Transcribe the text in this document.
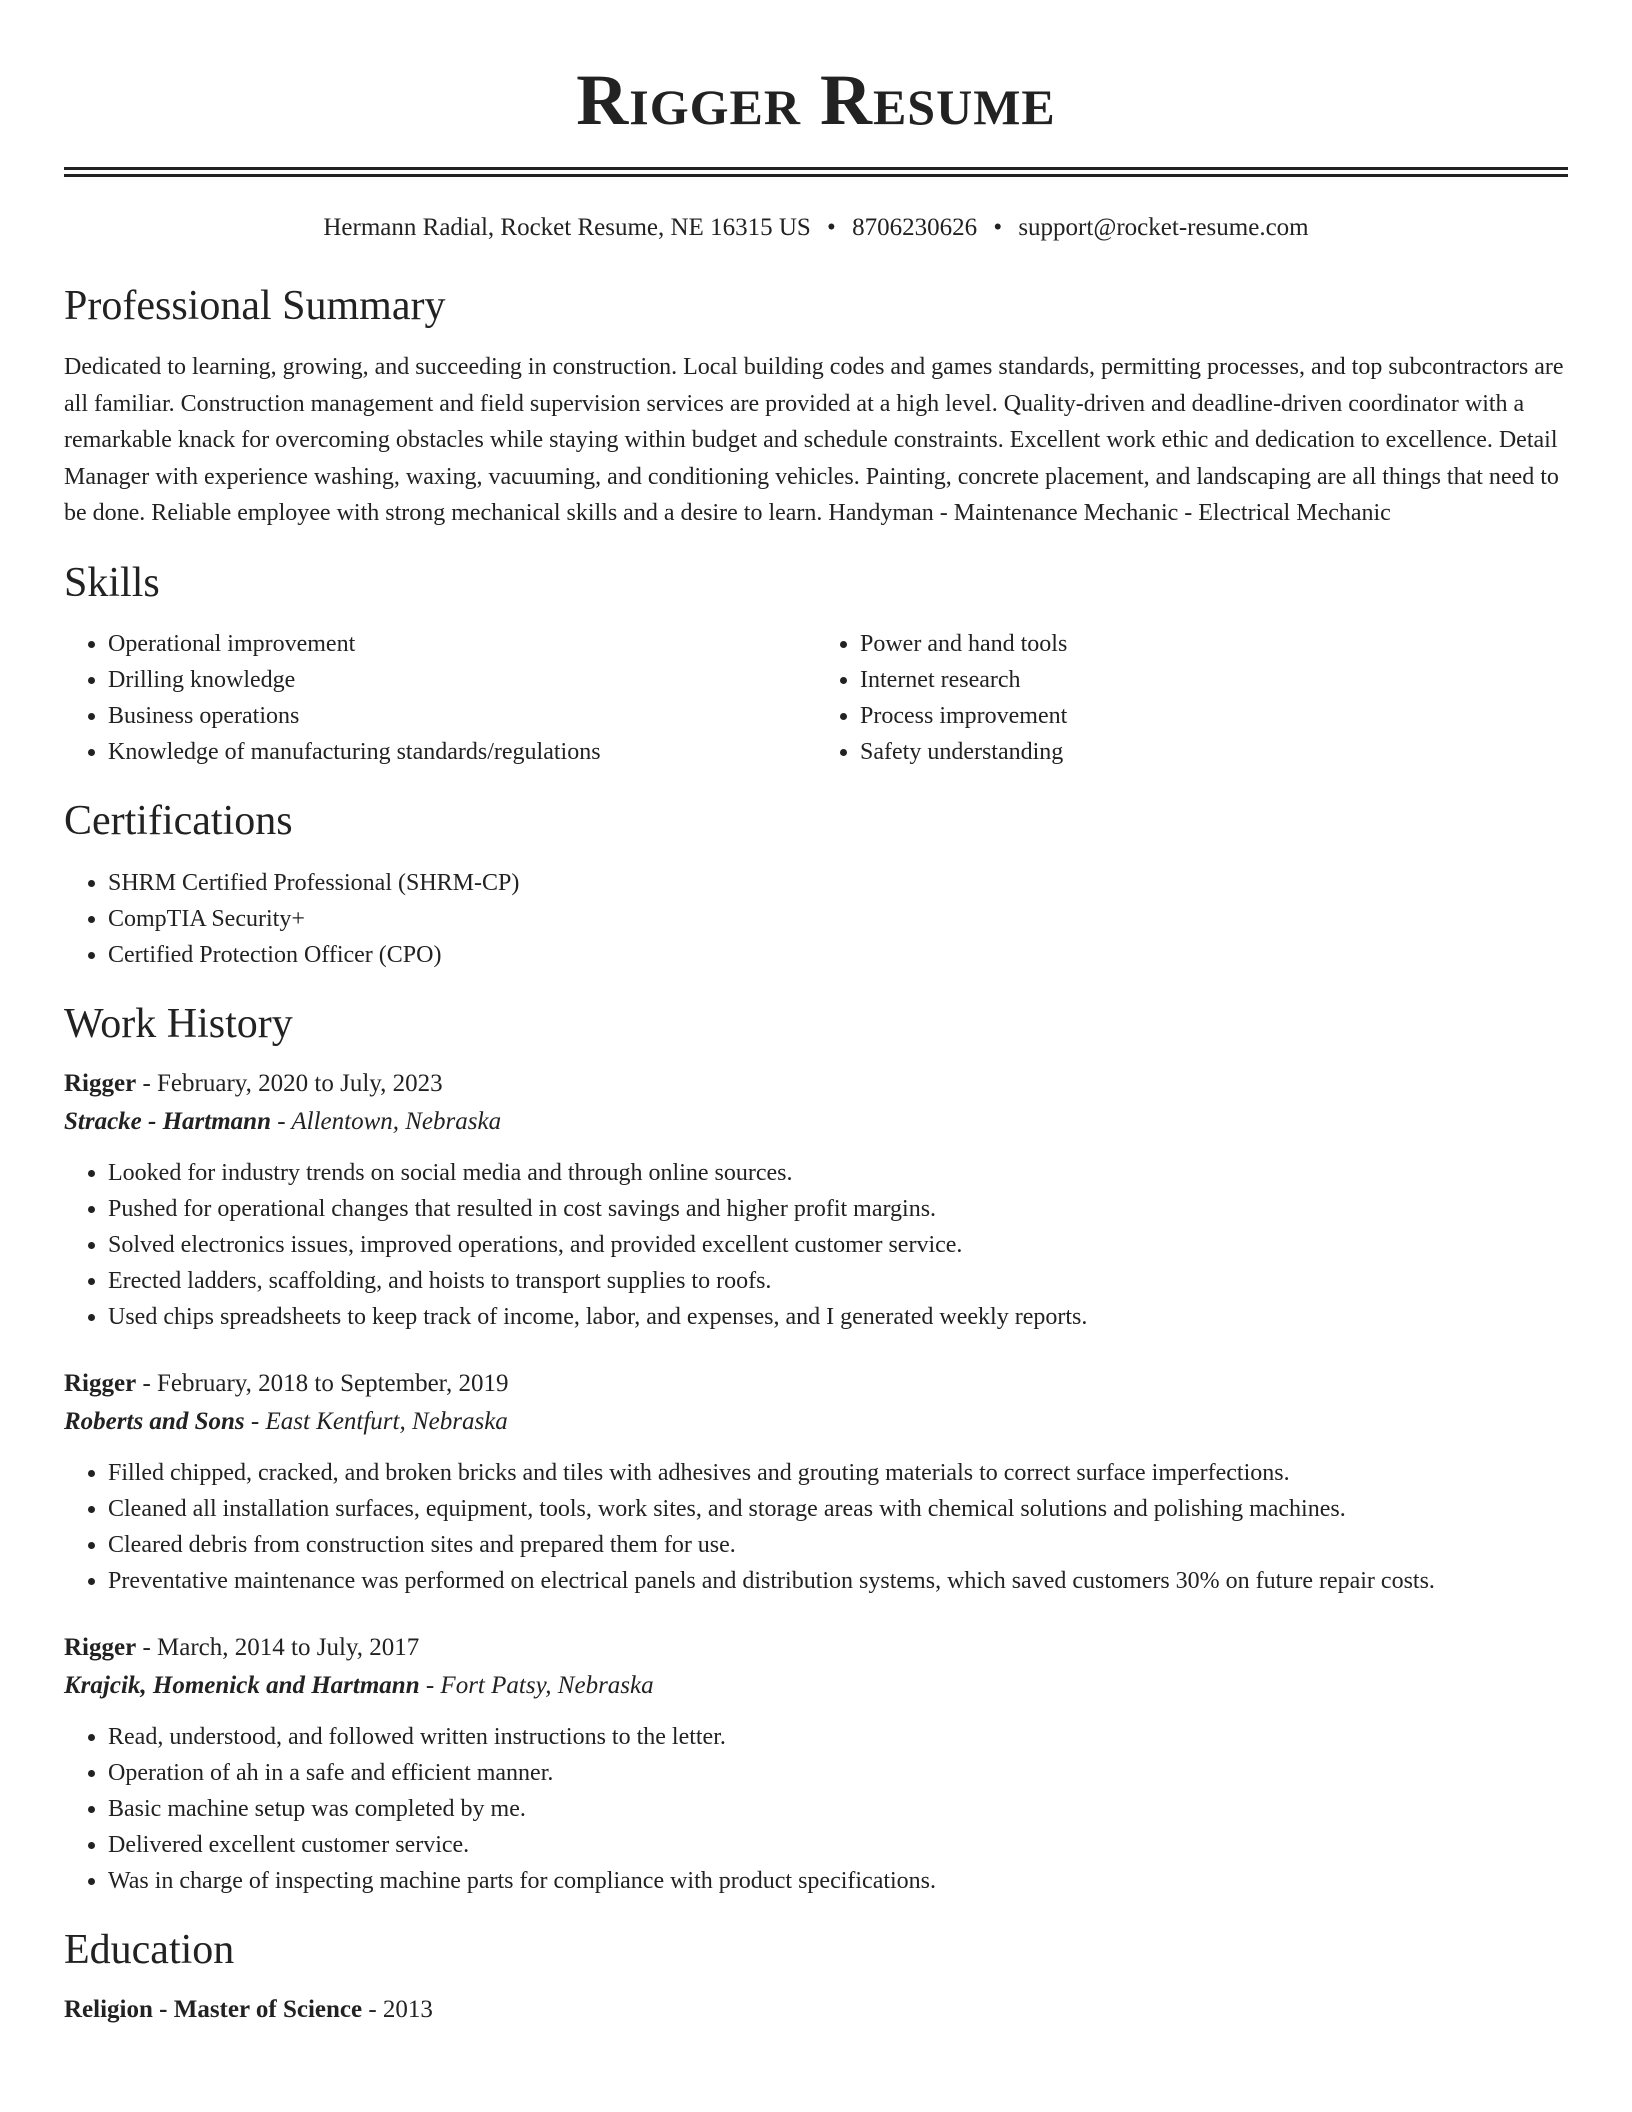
Rigger Resume
Hermann Radial, Rocket Resume, NE 16315 US • 8706230626 • support@rocket-resume.com
Professional Summary

Dedicated to learning, growing, and succeeding in construction. Local building codes and games standards, permitting processes, and top subcontractors are all familiar. Construction management and field supervision services are provided at a high level. Quality-driven and deadline-driven coordinator with a remarkable knack for overcoming obstacles while staying within budget and schedule constraints. Excellent work ethic and dedication to excellence. Detail Manager with experience washing, waxing, vacuuming, and conditioning vehicles. Painting, concrete placement, and landscaping are all things that need to be done. Reliable employee with strong mechanical skills and a desire to learn. Handyman - Maintenance Mechanic - Electrical Mechanic

Skills
• Operational improvement
• Drilling knowledge
• Business operations
• Knowledge of manufacturing standards/regulations
• Power and hand tools
• Internet research
• Process improvement
• Safety understanding
Certifications
• SHRM Certified Professional (SHRM-CP)
• CompTIA Security+
• Certified Protection Officer (CPO)
Work History
Rigger - February, 2020 to July, 2023
Stracke - Hartmann - Allentown, Nebraska
• Looked for industry trends on social media and through online sources.
• Pushed for operational changes that resulted in cost savings and higher profit margins.
• Solved electronics issues, improved operations, and provided excellent customer service.
• Erected ladders, scaffolding, and hoists to transport supplies to roofs.
• Used chips spreadsheets to keep track of income, labor, and expenses, and I generated weekly reports.
Rigger - February, 2018 to September, 2019
Roberts and Sons - East Kentfurt, Nebraska
• Filled chipped, cracked, and broken bricks and tiles with adhesives and grouting materials to correct surface imperfections.
• Cleaned all installation surfaces, equipment, tools, work sites, and storage areas with chemical solutions and polishing machines.
• Cleared debris from construction sites and prepared them for use.
• Preventative maintenance was performed on electrical panels and distribution systems, which saved customers 30% on future repair costs.
Rigger - March, 2014 to July, 2017
Krajcik, Homenick and Hartmann - Fort Patsy, Nebraska
• Read, understood, and followed written instructions to the letter.
• Operation of ah in a safe and efficient manner.
• Basic machine setup was completed by me.
• Delivered excellent customer service.
• Was in charge of inspecting machine parts for compliance with product specifications.
Education
Religion - Master of Science - 2013
